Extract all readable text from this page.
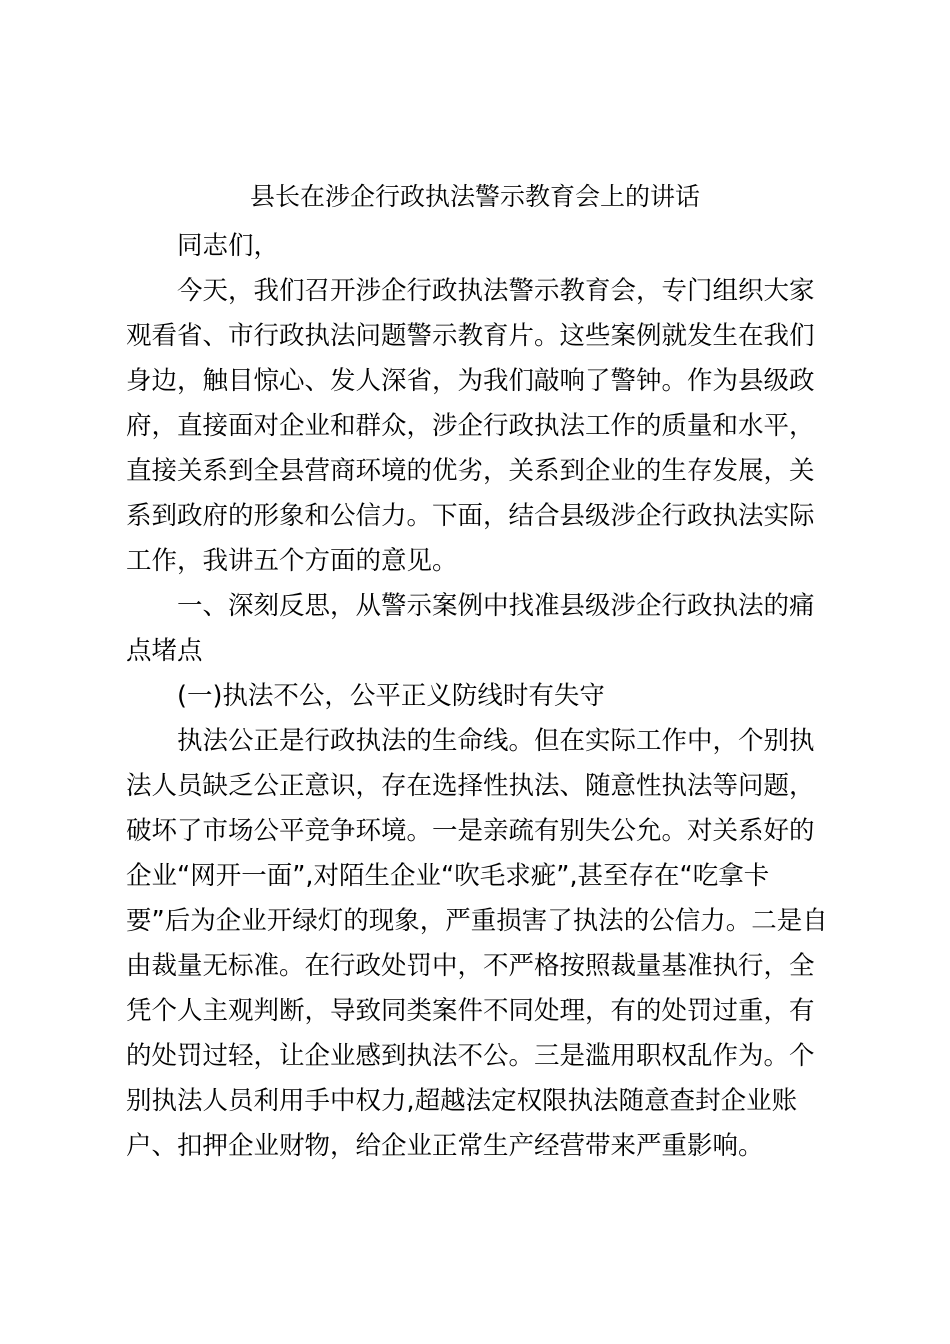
县长在涉企行政执法警示教育会上的讲话
同志们，
今天，我们召开涉企行政执法警示教育会，专门组织大家
观看省、市行政执法问题警示教育片。这些案例就发生在我们
身边，触目惊心、发人深省，为我们敲响了警钟。作为县级政
府，直接面对企业和群众，涉企行政执法工作的质量和水平，
直接关系到全县营商环境的优劣，关系到企业的生存发展，关
系到政府的形象和公信力。下面，结合县级涉企行政执法实际
工作，我讲五个方面的意见。
一、深刻反思，从警示案例中找准县级涉企行政执法的痛
点堵点
(一)执法不公，公平正义防线时有失守
执法公正是行政执法的生命线。但在实际工作中，个别执
法人员缺乏公正意识，存在选择性执法、随意性执法等问题，
破坏了市场公平竞争环境。一是亲疏有别失公允。对关系好的
企业“网开一面”,对陌生企业“吹毛求疵”,甚至存在“吃拿卡
要”后为企业开绿灯的现象，严重损害了执法的公信力。二是自
由裁量无标准。在行政处罚中，不严格按照裁量基准执行，全
凭个人主观判断，导致同类案件不同处理，有的处罚过重，有
的处罚过轻，让企业感到执法不公。三是滥用职权乱作为。个
别执法人员利用手中权力,超越法定权限执法随意查封企业账
户、扣押企业财物，给企业正常生产经营带来严重影响。
